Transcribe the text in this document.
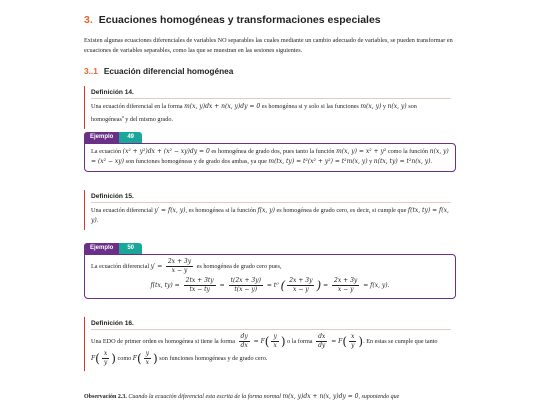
3. Ecuaciones homogéneas y transformaciones especiales
Existen algunas ecuaciones diferenciales de variables NO separables las cuales mediante un cambio adecuado de variables, se pueden transformar en ecuaciones de variables separables, como las que se muestran en las sesiones siguientes.
3..1 Ecuación diferencial homogénea
Definición 14.
Una ecuación diferencial en la forma m(x, y)dx + n(x, y)dy = 0 es homogénea si y solo si las funciones m(x, y) y n(x, y) son homogéneas$^a$ y del mismo grado.
Ejemplo	49
La ecuación (x² + y²)dx + (x² − xy)dy = 0 es homogénea de grado dos, pues tanto la función m(x, y) = x² + y² como la función n(x, y) = (x² − xy) son funciones homogéneas y de grado dos ambas, ya que m(tx, ty) = t²(x² + y²) = t²m(x, y) y n(tx, ty) = t²n(x, y).
Definición 15.
Una ecuación diferencial y′ = f(x, y), es homogénea si la función f(x, y) es homogénea de grado cero, es decir, si cumple que f(tx, ty) = f(x, y).
Ejemplo	50
La ecuación diferencial $y' = \frac{2x + 3y}{x - y}$ es homogénea de grado cero pues,
f(tx, $ty) = \frac{2tx + 3ty}{tx - ty} = \frac{t(2x + 3y)}{t(x - y)} = t^0$ ( $\frac{2x + 3y}{x - y}$ ) = $\frac{2x + 3y}{x - y} = f(x$, y).
Definición 16.
Una EDO de primer orden es homogénea si tiene la forma $\frac{dy}{dx} = F( \frac{y}{x}$ ) o la forma $\frac{dx}{dy} = F( \frac{x}{y}$ ). En estas se cumple que tanto
$F( \frac{x}{y}$ ) como $F( \frac{y}{x}$ ) son funciones homogéneas y de grado cero.
Observación 2.3. Cuando la ecuación diferencial esta escrita de la forma normal m(x, y)dx + n(x, y)dy = 0, suponiendo que
